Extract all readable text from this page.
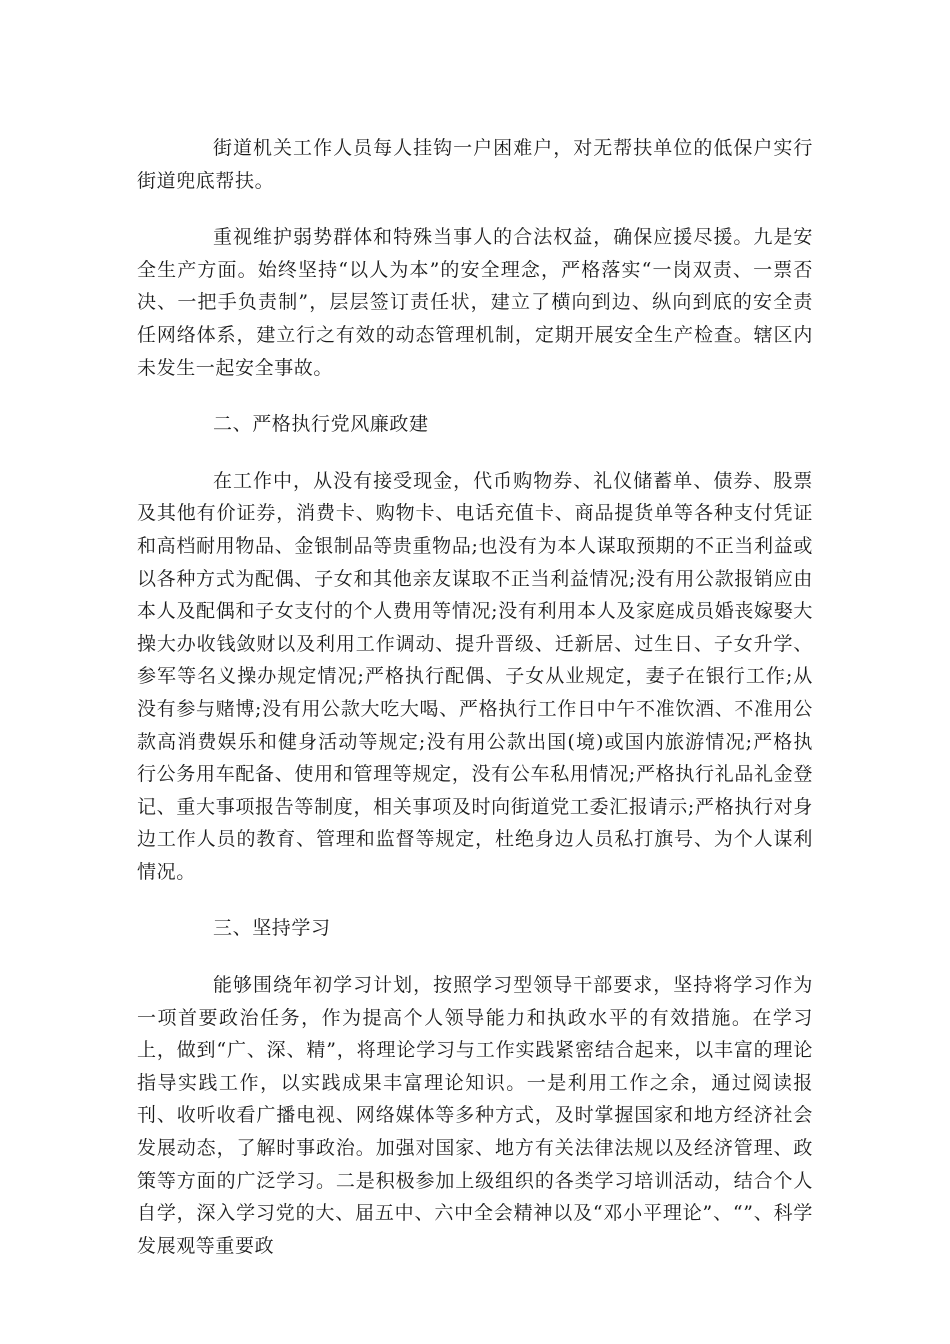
街道机关工作人员每人挂钩一户困难户，对无帮扶单位的低保户实行街道兜底帮扶。

重视维护弱势群体和特殊当事人的合法权益，确保应援尽援。九是安全生产方面。始终坚持“以人为本”的安全理念，严格落实“一岗双责、一票否决、一把手负责制”，层层签订责任状，建立了横向到边、纵向到底的安全责任网络体系，建立行之有效的动态管理机制，定期开展安全生产检查。辖区内未发生一起安全事故。

二、严格执行党风廉政建

在工作中，从没有接受现金，代币购物券、礼仪储蓄单、债券、股票及其他有价证券，消费卡、购物卡、电话充值卡、商品提货单等各种支付凭证和高档耐用物品、金银制品等贵重物品;也没有为本人谋取预期的不正当利益或以各种方式为配偶、子女和其他亲友谋取不正当利益情况;没有用公款报销应由本人及配偶和子女支付的个人费用等情况;没有利用本人及家庭成员婚丧嫁娶大操大办收钱敛财以及利用工作调动、提升晋级、迁新居、过生日、子女升学、参军等名义操办规定情况;严格执行配偶、子女从业规定，妻子在银行工作;从没有参与赌博;没有用公款大吃大喝、严格执行工作日中午不准饮酒、不准用公款高消费娱乐和健身活动等规定;没有用公款出国(境)或国内旅游情况;严格执行公务用车配备、使用和管理等规定，没有公车私用情况;严格执行礼品礼金登记、重大事项报告等制度，相关事项及时向街道党工委汇报请示;严格执行对身边工作人员的教育、管理和监督等规定，杜绝身边人员私打旗号、为个人谋利情况。

三、坚持学习

能够围绕年初学习计划，按照学习型领导干部要求，坚持将学习作为一项首要政治任务，作为提高个人领导能力和执政水平的有效措施。在学习上，做到“广、深、精”，将理论学习与工作实践紧密结合起来，以丰富的理论指导实践工作，以实践成果丰富理论知识。一是利用工作之余，通过阅读报刊、收听收看广播电视、网络媒体等多种方式，及时掌握国家和地方经济社会发展动态，了解时事政治。加强对国家、地方有关法律法规以及经济管理、政策等方面的广泛学习。二是积极参加上级组织的各类学习培训活动，结合个人自学，深入学习党的大、届五中、六中全会精神以及“邓小平理论”、“”、科学发展观等重要政
